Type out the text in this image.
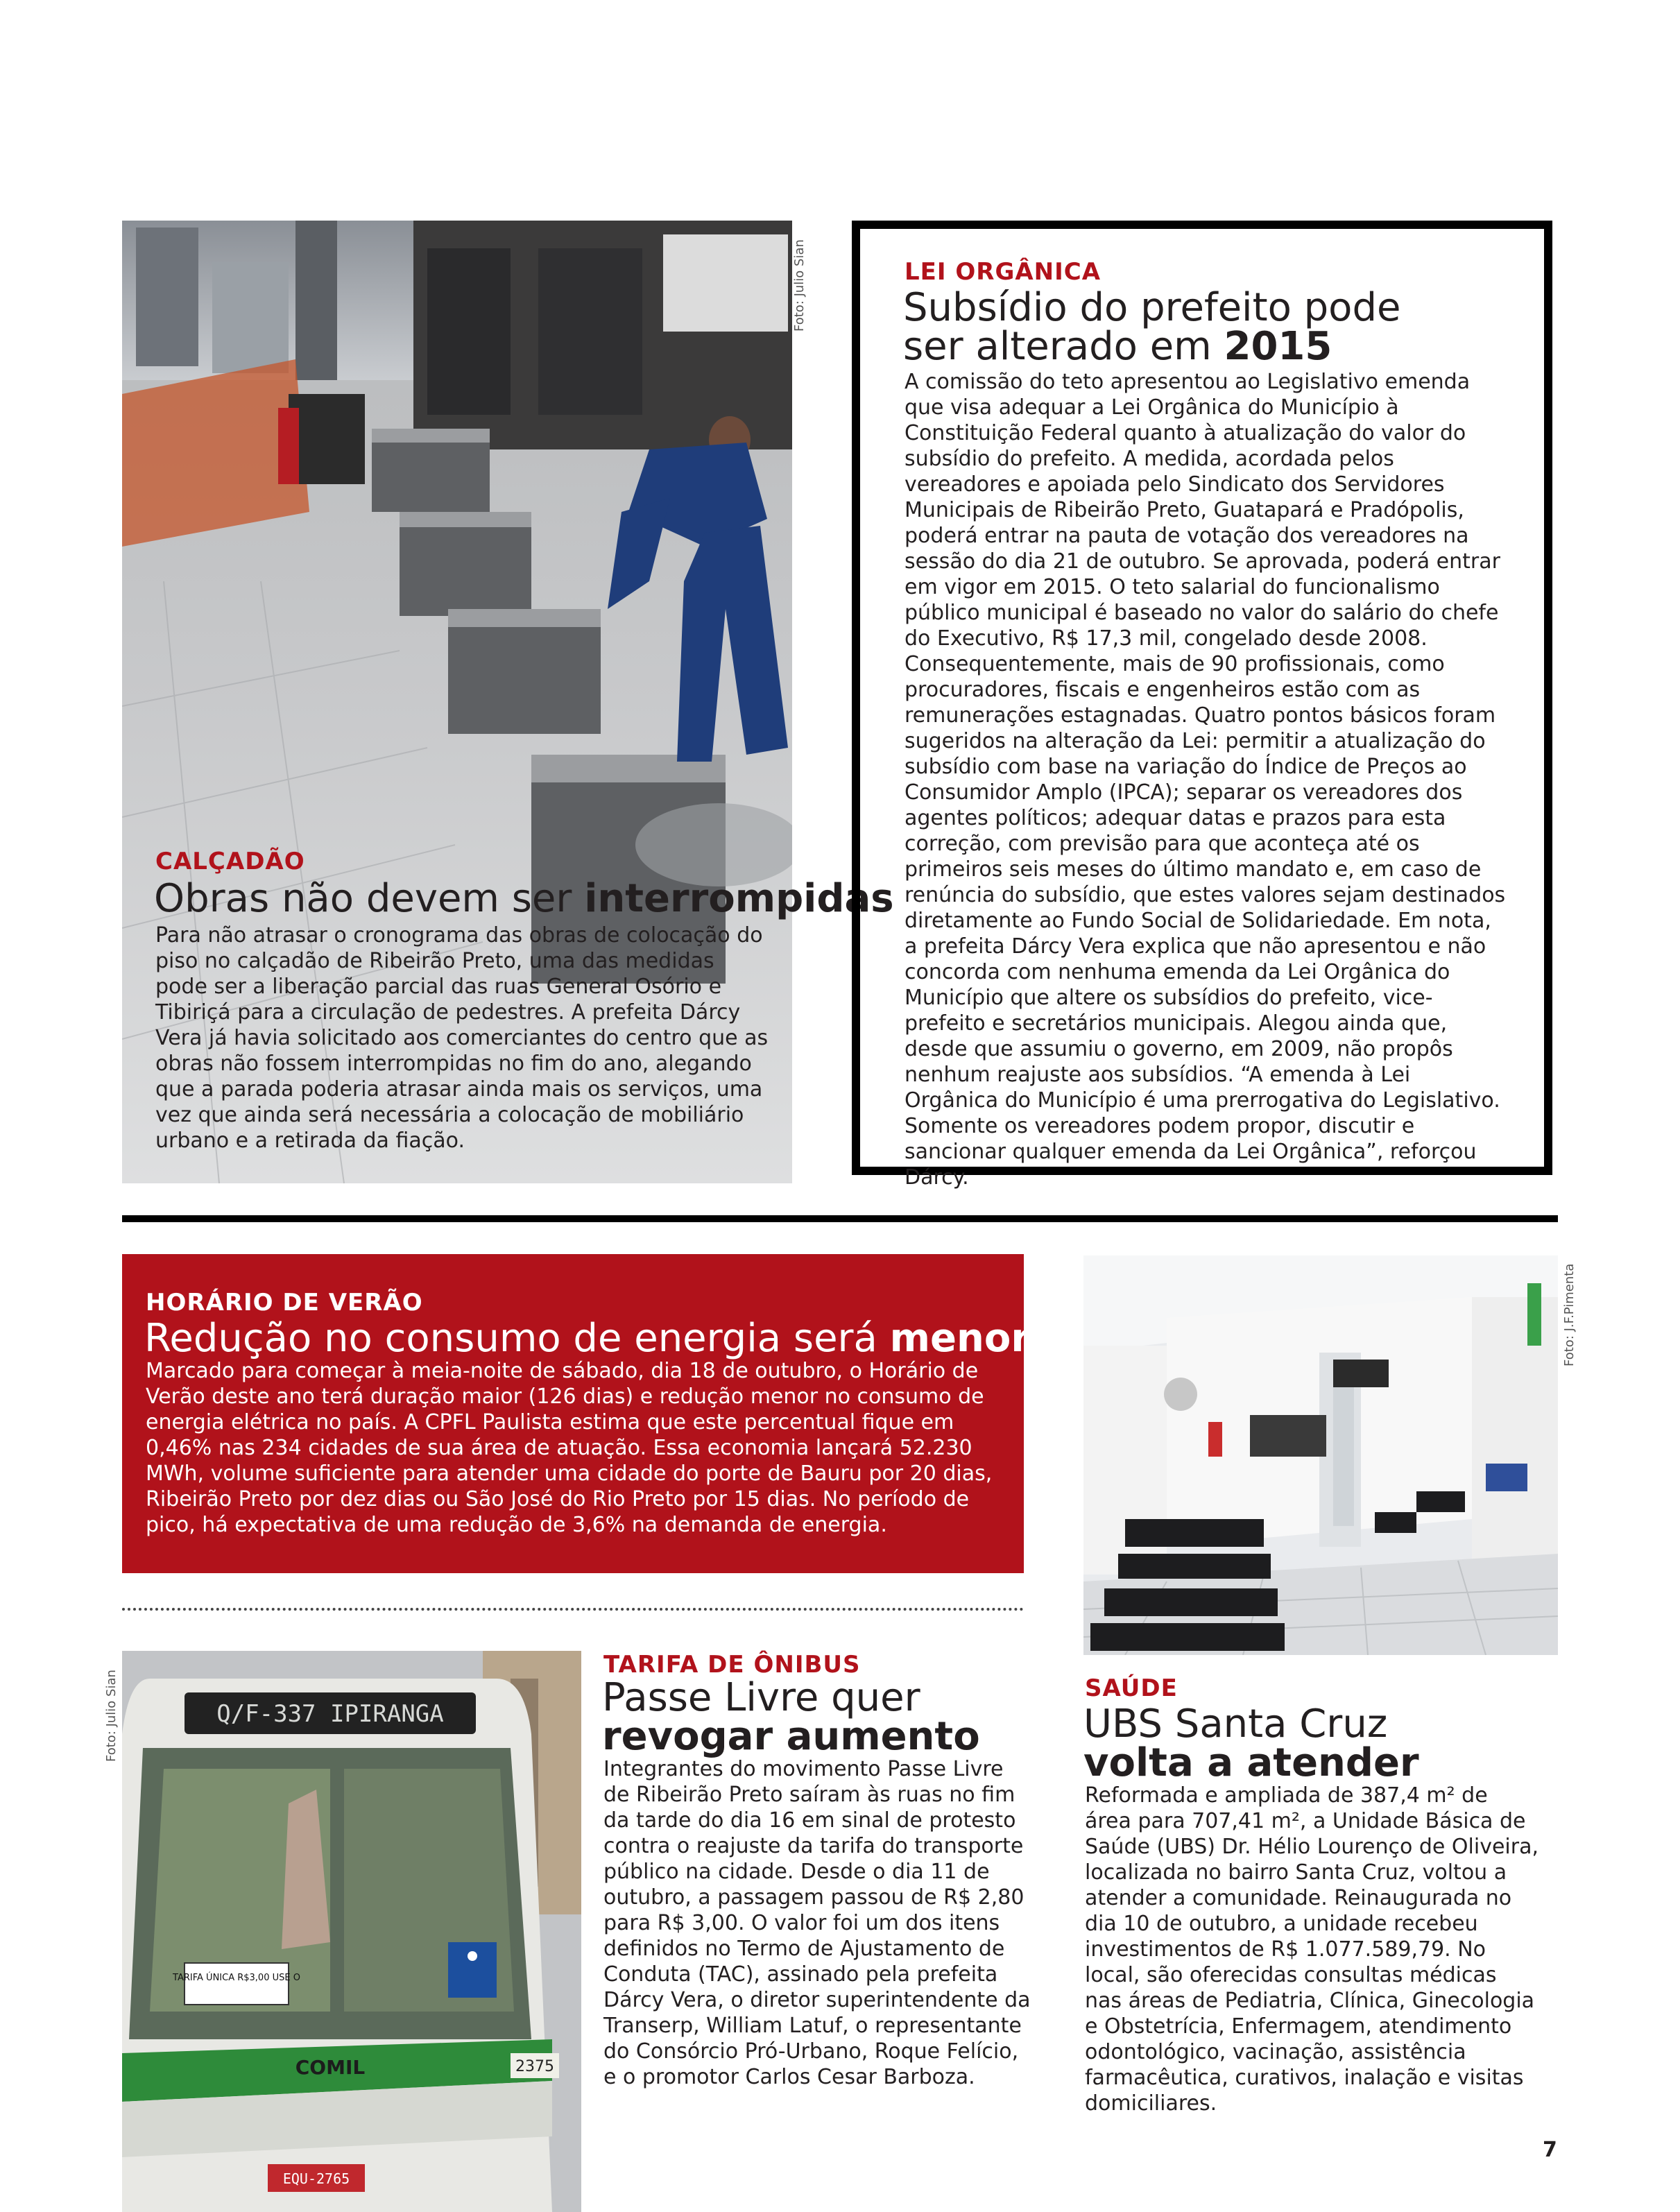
Foto: Julio Sian
CALÇADÃO
Obras não devem ser interrompidas
Para não atrasar o cronograma das obras de colocação do piso no calçadão de Ribeirão Preto, uma das medidas pode ser a liberação parcial das ruas General Osório e Tibiriçá para a circulação de pedestres. A prefeita Dárcy Vera já havia solicitado aos comerciantes do centro que as obras não fossem interrompidas no fim do ano, alegando que a parada poderia atrasar ainda mais os serviços, uma vez que ainda será necessária a colocação de mobiliário urbano e a retirada da fiação.
LEI ORGÂNICA
Subsídio do prefeito pode
ser alterado em 2015
A comissão do teto apresentou ao Legislativo emenda que visa adequar a Lei Orgânica do Município à Constituição Federal quanto à atualização do valor do subsídio do prefeito. A medida, acordada pelos vereadores e apoiada pelo Sindicato dos Servidores Municipais de Ribeirão Preto, Guatapará e Pradópolis, poderá entrar na pauta de votação dos vereadores na sessão do dia 21 de outubro. Se aprovada, poderá entrar em vigor em 2015. O teto salarial do funcionalismo público municipal é baseado no valor do salário do chefe do Executivo, R$ 17,3 mil, congelado desde 2008. Consequentemente, mais de 90 profissionais, como procuradores, fiscais e engenheiros estão com as remunerações estagnadas. Quatro pontos básicos foram sugeridos na alteração da Lei: permitir a atualização do subsídio com base na variação do Índice de Preços ao Consumidor Amplo (IPCA); separar os vereadores dos agentes políticos; adequar datas e prazos para esta correção, com previsão para que aconteça até os primeiros seis meses do último mandato e, em caso de renúncia do subsídio, que estes valores sejam destinados diretamente ao Fundo Social de Solidariedade. Em nota, a prefeita Dárcy Vera explica que não apresentou e não concorda com nenhuma emenda da Lei Orgânica do Município que altere os subsídios do prefeito, vice-prefeito e secretários municipais. Alegou ainda que, desde que assumiu o governo, em 2009, não propôs nenhum reajuste aos subsídios. “A emenda à Lei Orgânica do Município é uma prerrogativa do Legislativo. Somente os vereadores podem propor, discutir e sancionar qualquer emenda da Lei Orgânica”, reforçou Dárcy.
HORÁRIO DE VERÃO
Redução no consumo de energia será menor
Marcado para começar à meia-noite de sábado, dia 18 de outubro, o Horário de Verão deste ano terá duração maior (126 dias) e redução menor no consumo de energia elétrica no país. A CPFL Paulista estima que este percentual fique em 0,46% nas 234 cidades de sua área de atuação. Essa economia lançará 52.230 MWh, volume suficiente para atender uma cidade do porte de Bauru por 20 dias, Ribeirão Preto por dez dias ou São José do Rio Preto por 15 dias. No período de pico, há expectativa de uma redução de 3,6% na demanda de energia.
Foto: J.F.Pimenta
Q/F-337 IPIRANGA
TARIFA ÚNICA R$3,00 USE O
COMIL	2375
EQU-2765
Foto: Julio Sian
TARIFA DE ÔNIBUS
Passe Livre quer
revogar aumento
Integrantes do movimento Passe Livre de Ribeirão Preto saíram às ruas no fim da tarde do dia 16 em sinal de protesto contra o reajuste da tarifa do transporte público na cidade. Desde o dia 11 de outubro, a passagem passou de R$ 2,80 para R$ 3,00. O valor foi um dos itens definidos no Termo de Ajustamento de Conduta (TAC), assinado pela prefeita Dárcy Vera, o diretor superintendente da Transerp, William Latuf, o representante do Consórcio Pró-Urbano, Roque Felício, e o promotor Carlos Cesar Barboza.
SAÚDE
UBS Santa Cruz
volta a atender
Reformada e ampliada de 387,4 m² de área para 707,41 m², a Unidade Básica de Saúde (UBS) Dr. Hélio Lourenço de Oliveira, localizada no bairro Santa Cruz, voltou a atender a comunidade. Reinaugurada no dia 10 de outubro, a unidade recebeu investimentos de R$ 1.077.589,79. No local, são oferecidas consultas médicas nas áreas de Pediatria, Clínica, Ginecologia e Obstetrícia, Enfermagem, atendimento odontológico, vacinação, assistência farmacêutica, curativos, inalação e visitas domiciliares.
7
